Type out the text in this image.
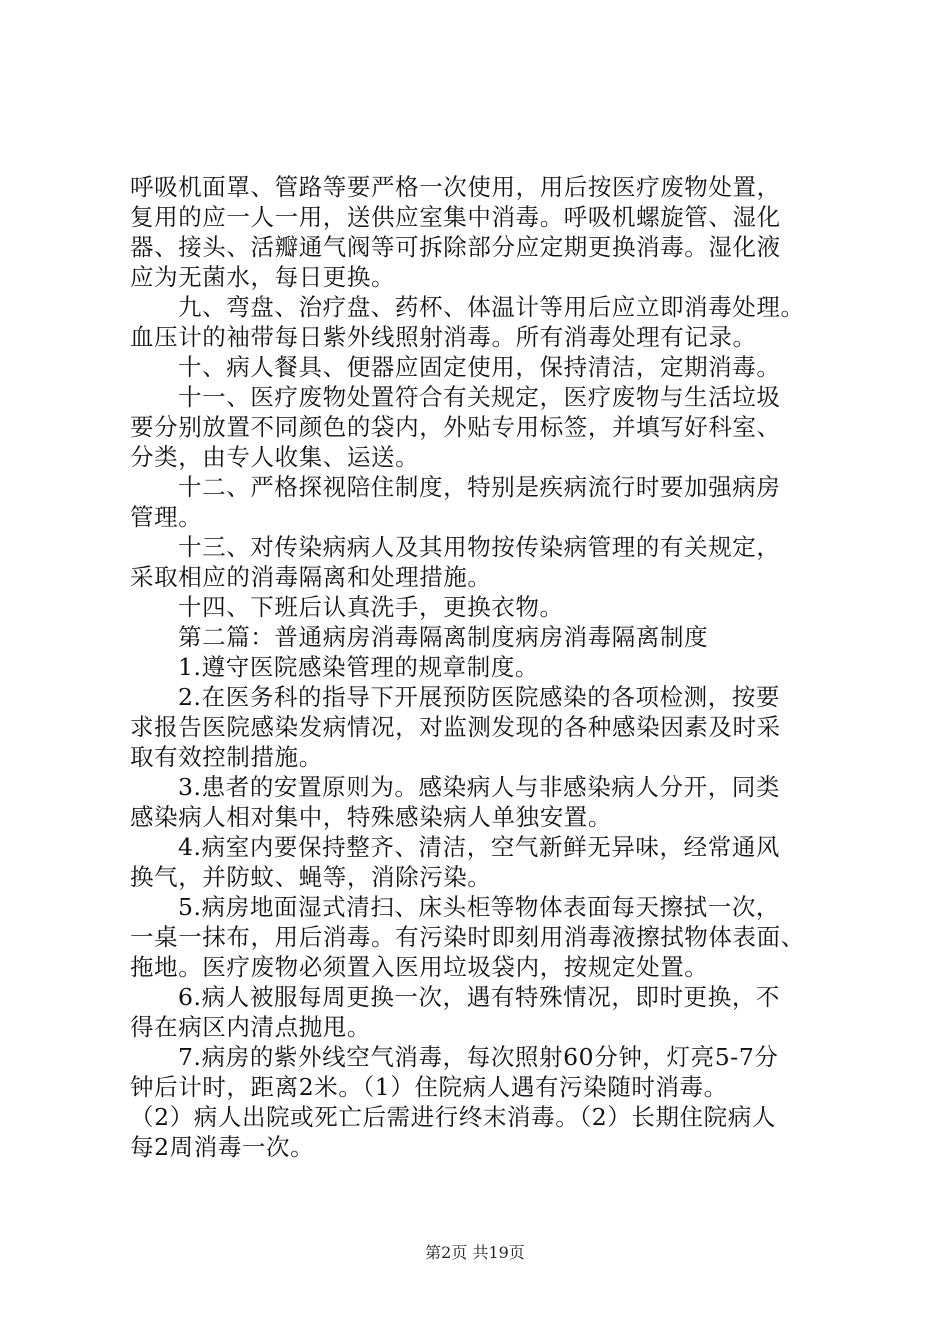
呼吸机面罩、管路等要严格一次使用，用后按医疗废物处置，
复用的应一人一用，送供应室集中消毒。呼吸机螺旋管、湿化
器、接头、活瓣通气阀等可拆除部分应定期更换消毒。湿化液
应为无菌水，每日更换。
九、弯盘、治疗盘、药杯、体温计等用后应立即消毒处理。
血压计的袖带每日紫外线照射消毒。所有消毒处理有记录。
十、病人餐具、便器应固定使用，保持清洁，定期消毒。
十一、医疗废物处置符合有关规定，医疗废物与生活垃圾
要分别放置不同颜色的袋内，外贴专用标签，并填写好科室、
分类，由专人收集、运送。
十二、严格探视陪住制度，特别是疾病流行时要加强病房
管理。
十三、对传染病病人及其用物按传染病管理的有关规定，
采取相应的消毒隔离和处理措施。
十四、下班后认真洗手，更换衣物。
第二篇：普通病房消毒隔离制度病房消毒隔离制度
1.遵守医院感染管理的规章制度。
2.在医务科的指导下开展预防医院感染的各项检测，按要
求报告医院感染发病情况，对监测发现的各种感染因素及时采
取有效控制措施。
3.患者的安置原则为。感染病人与非感染病人分开，同类
感染病人相对集中，特殊感染病人单独安置。
4.病室内要保持整齐、清洁，空气新鲜无异味，经常通风
换气，并防蚊、蝇等，消除污染。
5.病房地面湿式清扫、床头柜等物体表面每天擦拭一次，
一桌一抹布，用后消毒。有污染时即刻用消毒液擦拭物体表面、
拖地。医疗废物必须置入医用垃圾袋内，按规定处置。
6.病人被服每周更换一次，遇有特殊情况，即时更换，不
得在病区内清点抛甩。
7.病房的紫外线空气消毒，每次照射60分钟，灯亮5-7分
钟后计时，距离2米。（1）住院病人遇有污染随时消毒。
（2）病人出院或死亡后需进行终末消毒。（2）长期住院病人
每2周消毒一次。
第2页 共19页
